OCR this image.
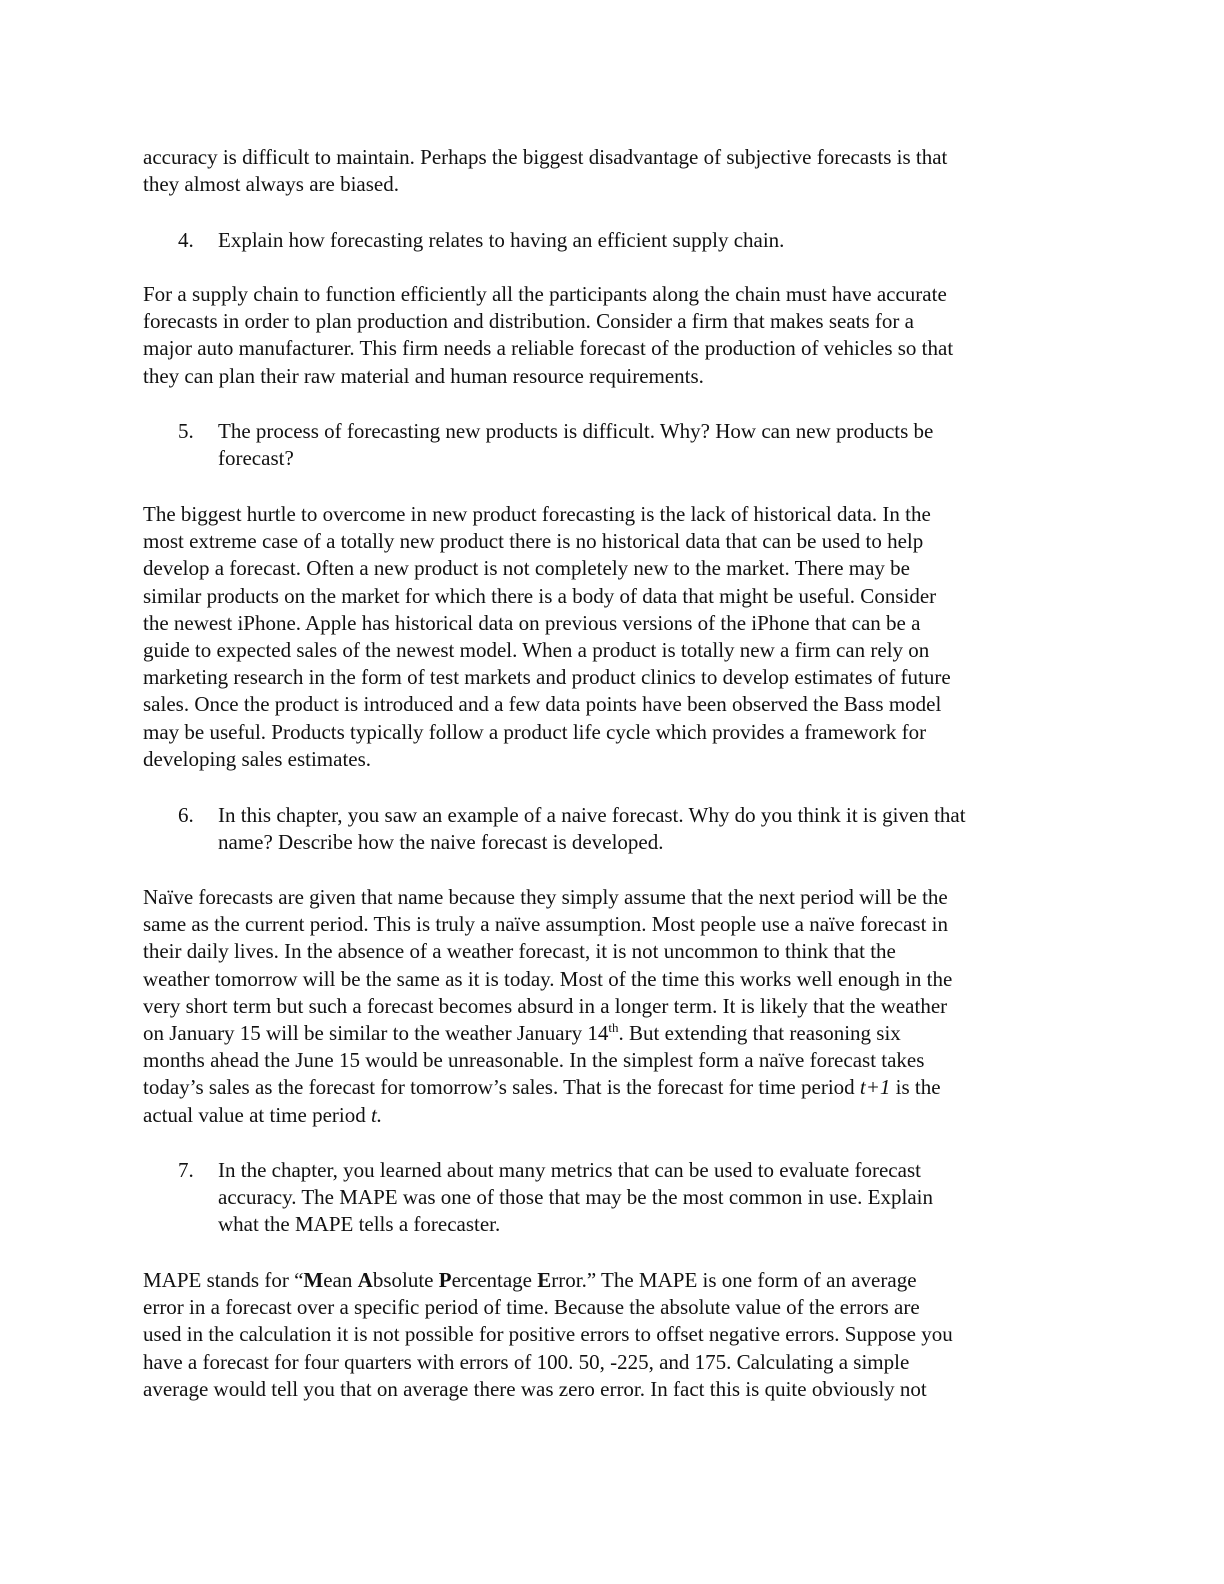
accuracy is difficult to maintain. Perhaps the biggest disadvantage of subjective forecasts is that
they almost always are biased.
4. Explain how forecasting relates to having an efficient supply chain.
For a supply chain to function efficiently all the participants along the chain must have accurate
forecasts in order to plan production and distribution. Consider a firm that makes seats for a
major auto manufacturer. This firm needs a reliable forecast of the production of vehicles so that
they can plan their raw material and human resource requirements.
5. The process of forecasting new products is difficult. Why? How can new products be
forecast?
The biggest hurtle to overcome in new product forecasting is the lack of historical data. In the
most extreme case of a totally new product there is no historical data that can be used to help
develop a forecast. Often a new product is not completely new to the market. There may be
similar products on the market for which there is a body of data that might be useful. Consider
the newest iPhone. Apple has historical data on previous versions of the iPhone that can be a
guide to expected sales of the newest model. When a product is totally new a firm can rely on
marketing research in the form of test markets and product clinics to develop estimates of future
sales. Once the product is introduced and a few data points have been observed the Bass model
may be useful. Products typically follow a product life cycle which provides a framework for
developing sales estimates.
6. In this chapter, you saw an example of a naive forecast. Why do you think it is given that
name? Describe how the naive forecast is developed.
Naïve forecasts are given that name because they simply assume that the next period will be the
same as the current period. This is truly a naïve assumption. Most people use a naïve forecast in
their daily lives. In the absence of a weather forecast, it is not uncommon to think that the
weather tomorrow will be the same as it is today. Most of the time this works well enough in the
very short term but such a forecast becomes absurd in a longer term. It is likely that the weather
on January 15 will be similar to the weather January 14th. But extending that reasoning six
months ahead the June 15 would be unreasonable. In the simplest form a naïve forecast takes
today’s sales as the forecast for tomorrow’s sales. That is the forecast for time period t+1 is the
actual value at time period t.
7. In the chapter, you learned about many metrics that can be used to evaluate forecast
accuracy. The MAPE was one of those that may be the most common in use. Explain
what the MAPE tells a forecaster.
MAPE stands for “Mean Absolute Percentage Error.” The MAPE is one form of an average
error in a forecast over a specific period of time. Because the absolute value of the errors are
used in the calculation it is not possible for positive errors to offset negative errors. Suppose you
have a forecast for four quarters with errors of 100. 50, -225, and 175. Calculating a simple
average would tell you that on average there was zero error. In fact this is quite obviously not
